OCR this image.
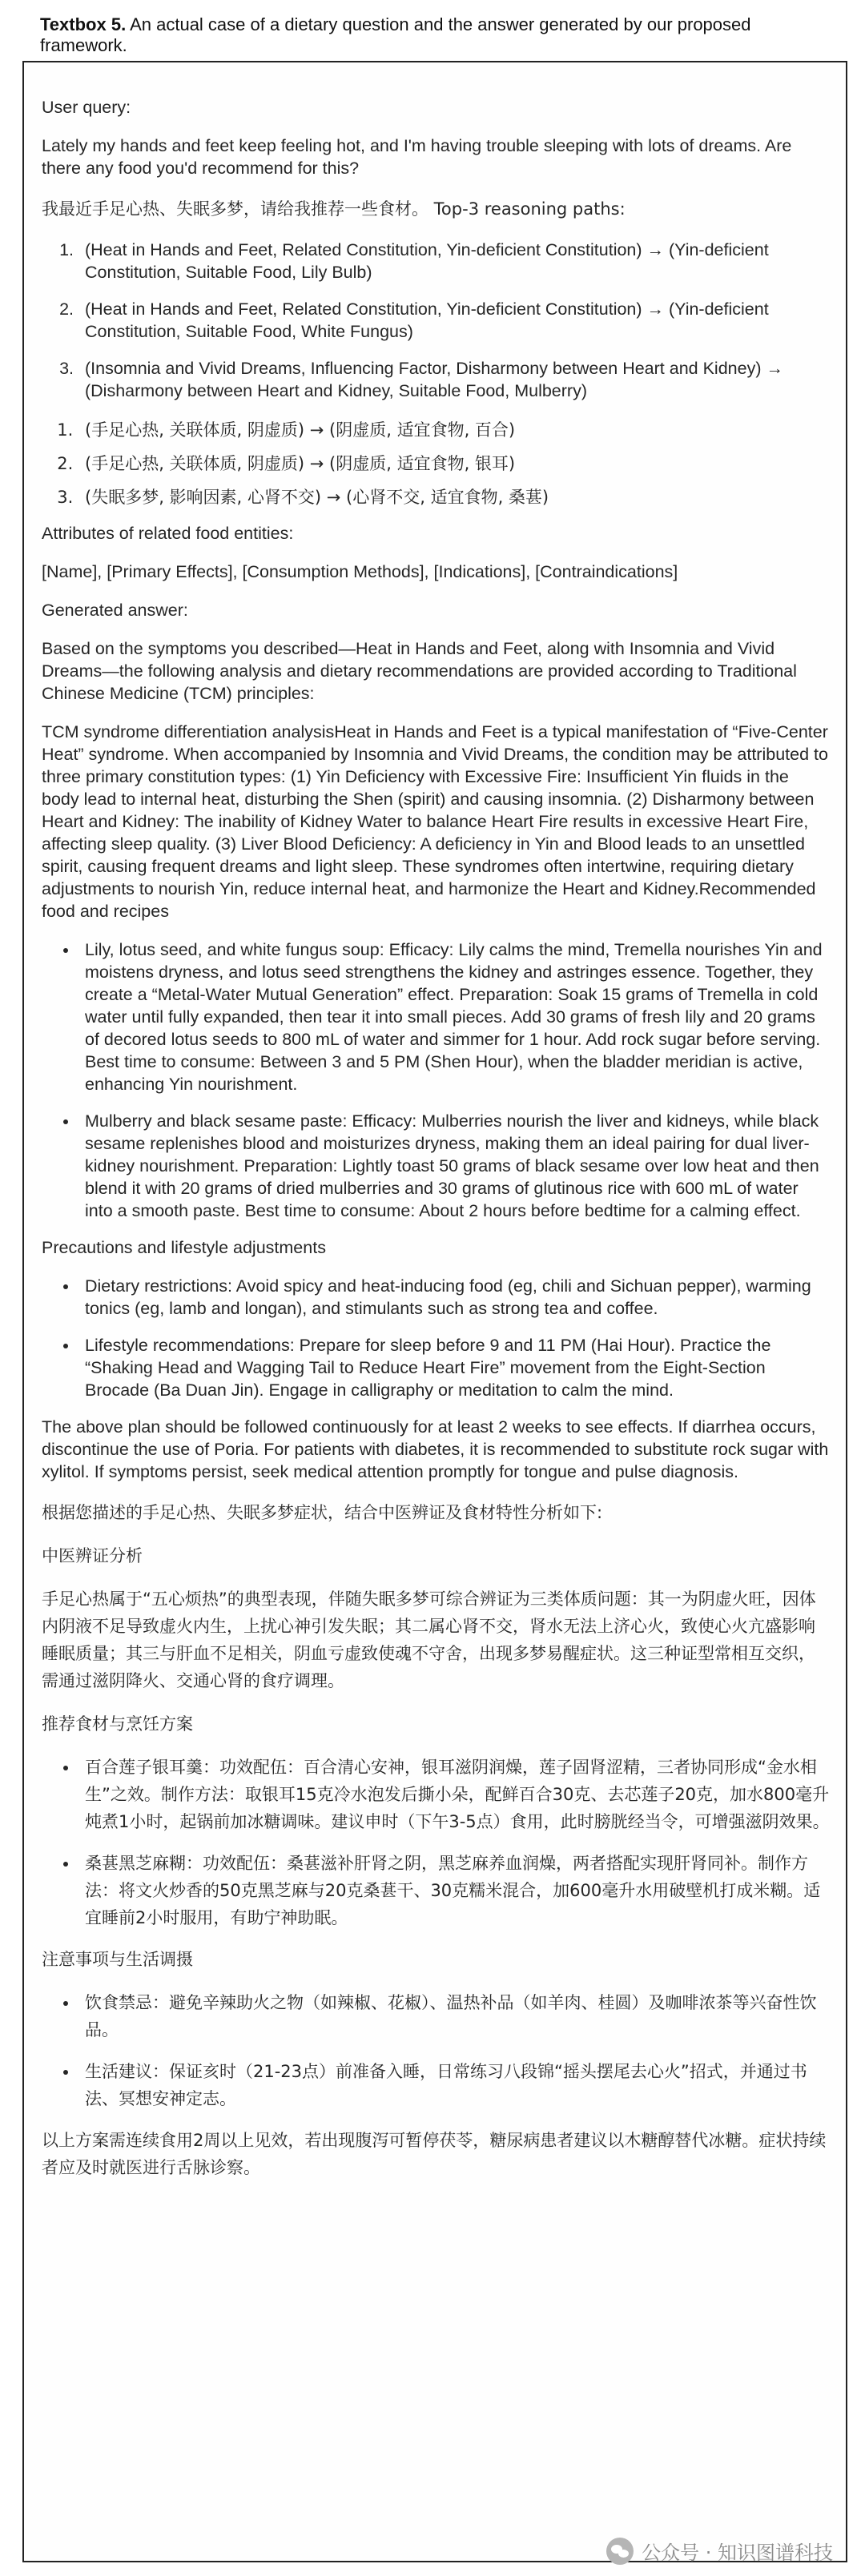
Textbox 5. An actual case of a dietary question and the answer generated by our proposed framework.

User query:

Lately my hands and feet keep feeling hot, and I'm having trouble sleeping with lots of dreams. Are there any food you'd recommend for this?

我最近手足心热、失眠多梦，请给我推荐一些食材。 Top-3 reasoning paths:

1. (Heat in Hands and Feet, Related Constitution, Yin-deficient Constitution) → (Yin-deficient Constitution, Suitable Food, Lily Bulb)
2. (Heat in Hands and Feet, Related Constitution, Yin-deficient Constitution) → (Yin-deficient Constitution, Suitable Food, White Fungus)
3. (Insomnia and Vivid Dreams, Influencing Factor, Disharmony between Heart and Kidney) → (Disharmony between Heart and Kidney, Suitable Food, Mulberry)
1. (手足心热, 关联体质, 阴虚质) → (阴虚质, 适宜食物, 百合)
2. (手足心热, 关联体质, 阴虚质) → (阴虚质, 适宜食物, 银耳)
3. (失眠多梦, 影响因素, 心肾不交) → (心肾不交, 适宜食物, 桑葚)

Attributes of related food entities:

[Name], [Primary Effects], [Consumption Methods], [Indications], [Contraindications]

Generated answer:

Based on the symptoms you described—Heat in Hands and Feet, along with Insomnia and Vivid Dreams—the following analysis and dietary recommendations are provided according to Traditional Chinese Medicine (TCM) principles:

TCM syndrome differentiation analysisHeat in Hands and Feet is a typical manifestation of “Five-Center Heat” syndrome. When accompanied by Insomnia and Vivid Dreams, the condition may be attributed to three primary constitution types: (1) Yin Deficiency with Excessive Fire: Insufficient Yin fluids in the body lead to internal heat, disturbing the Shen (spirit) and causing insomnia. (2) Disharmony between Heart and Kidney: The inability of Kidney Water to balance Heart Fire results in excessive Heart Fire, affecting sleep quality. (3) Liver Blood Deficiency: A deficiency in Yin and Blood leads to an unsettled spirit, causing frequent dreams and light sleep. These syndromes often intertwine, requiring dietary adjustments to nourish Yin, reduce internal heat, and harmonize the Heart and Kidney.Recommended food and recipes

• Lily, lotus seed, and white fungus soup: Efficacy: Lily calms the mind, Tremella nourishes Yin and moistens dryness, and lotus seed strengthens the kidney and astringes essence. Together, they create a “Metal-Water Mutual Generation” effect. Preparation: Soak 15 grams of Tremella in cold water until fully expanded, then tear it into small pieces. Add 30 grams of fresh lily and 20 grams of decored lotus seeds to 800 mL of water and simmer for 1 hour. Add rock sugar before serving. Best time to consume: Between 3 and 5 PM (Shen Hour), when the bladder meridian is active, enhancing Yin nourishment.
• Mulberry and black sesame paste: Efficacy: Mulberries nourish the liver and kidneys, while black sesame replenishes blood and moisturizes dryness, making them an ideal pairing for dual liver-kidney nourishment. Preparation: Lightly toast 50 grams of black sesame over low heat and then blend it with 20 grams of dried mulberries and 30 grams of glutinous rice with 600 mL of water into a smooth paste. Best time to consume: About 2 hours before bedtime for a calming effect.

Precautions and lifestyle adjustments

• Dietary restrictions: Avoid spicy and heat-inducing food (eg, chili and Sichuan pepper), warming tonics (eg, lamb and longan), and stimulants such as strong tea and coffee.
• Lifestyle recommendations: Prepare for sleep before 9 and 11 PM (Hai Hour). Practice the “Shaking Head and Wagging Tail to Reduce Heart Fire” movement from the Eight-Section Brocade (Ba Duan Jin). Engage in calligraphy or meditation to calm the mind.

The above plan should be followed continuously for at least 2 weeks to see effects. If diarrhea occurs, discontinue the use of Poria. For patients with diabetes, it is recommended to substitute rock sugar with xylitol. If symptoms persist, seek medical attention promptly for tongue and pulse diagnosis.

根据您描述的手足心热、失眠多梦症状，结合中医辨证及食材特性分析如下:

中医辨证分析

手足心热属于“五心烦热”的典型表现，伴随失眠多梦可综合辨证为三类体质问题：其一为阴虚火旺，因体内阴液不足导致虚火内生，上扰心神引发失眠；其二属心肾不交，肾水无法上济心火，致使心火亢盛影响睡眠质量；其三与肝血不足相关，阴血亏虚致使魂不守舍，出现多梦易醒症状。这三种证型常相互交织，需通过滋阴降火、交通心肾的食疗调理。

推荐食材与烹饪方案

• 百合莲子银耳羹：功效配伍：百合清心安神，银耳滋阴润燥，莲子固肾涩精，三者协同形成“金水相生”之效。制作方法：取银耳15克冷水泡发后撕小朵，配鲜百合30克、去芯莲子20克，加水800毫升炖煮1小时，起锅前加冰糖调味。建议申时（下午3-5点）食用，此时膀胱经当令，可增强滋阴效果。
• 桑葚黑芝麻糊：功效配伍：桑葚滋补肝肾之阴，黑芝麻养血润燥，两者搭配实现肝肾同补。制作方法：将文火炒香的50克黑芝麻与20克桑葚干、30克糯米混合，加600毫升水用破壁机打成米糊。适宜睡前2小时服用，有助宁神助眠。

注意事项与生活调摄

• 饮食禁忌：避免辛辣助火之物（如辣椒、花椒）、温热补品（如羊肉、桂圆）及咖啡浓茶等兴奋性饮品。
• 生活建议：保证亥时（21-23点）前准备入睡，日常练习八段锦“摇头摆尾去心火”招式，并通过书法、冥想安神定志。

以上方案需连续食用2周以上见效，若出现腹泻可暂停茯苓，糖尿病患者建议以木糖醇替代冰糖。症状持续者应及时就医进行舌脉诊察。

公众号 · 知识图谱科技
